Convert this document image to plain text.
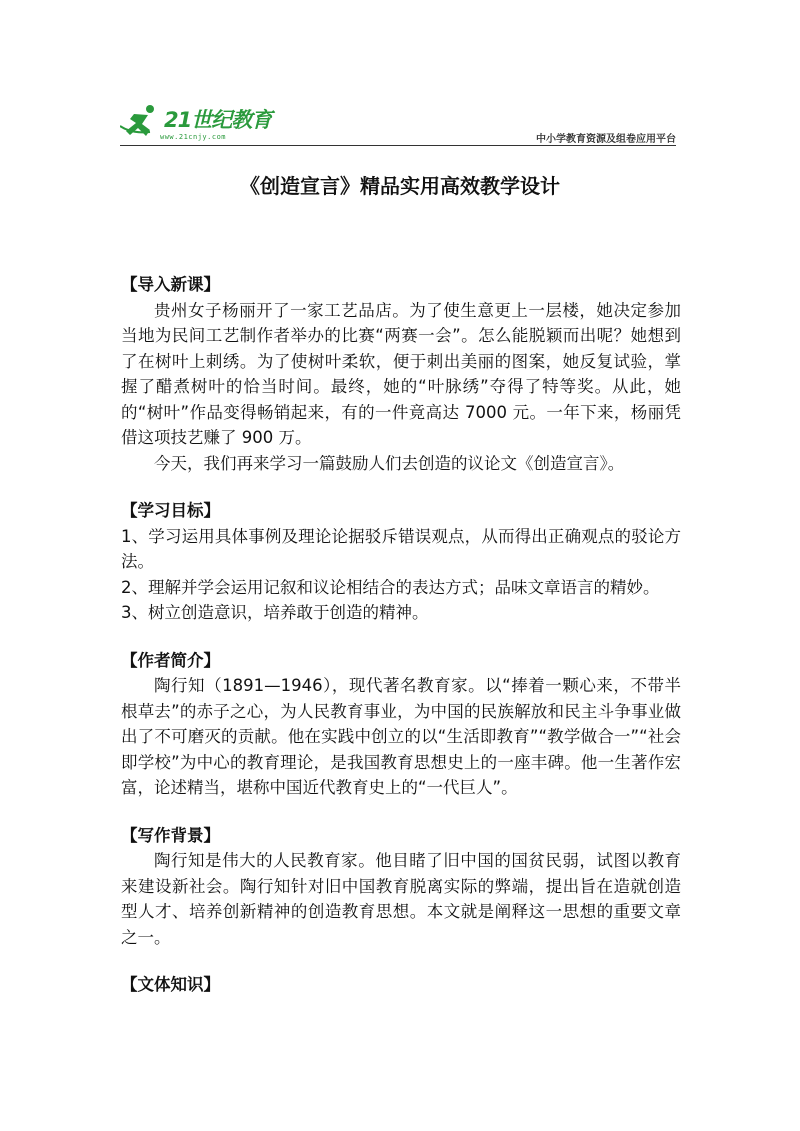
21世纪教育
www.21cnjy.com	中小学教育资源及组卷应用平台
《创造宣言》精品实用高效教学设计

【导入新课】

贵州女子杨丽开了一家工艺品店。为了使生意更上一层楼，她决定参加当地为民间工艺制作者举办的比赛“两赛一会”。怎么能脱颖而出呢？她想到了在树叶上刺绣。为了使树叶柔软，便于刺出美丽的图案，她反复试验，掌握了醋煮树叶的恰当时间。最终，她的“叶脉绣”夺得了特等奖。从此，她的“树叶”作品变得畅销起来，有的一件竟高达 7000 元。一年下来，杨丽凭借这项技艺赚了 900 万。

今天，我们再来学习一篇鼓励人们去创造的议论文《创造宣言》。

【学习目标】

1、学习运用具体事例及理论论据驳斥错误观点，从而得出正确观点的驳论方法。

2、理解并学会运用记叙和议论相结合的表达方式；品味文章语言的精妙。

3、树立创造意识，培养敢于创造的精神。

【作者简介】

陶行知（1891—1946），现代著名教育家。以“捧着一颗心来，不带半根草去”的赤子之心，为人民教育事业，为中国的民族解放和民主斗争事业做出了不可磨灭的贡献。他在实践中创立的以“生活即教育”“教学做合一”“社会即学校”为中心的教育理论，是我国教育思想史上的一座丰碑。他一生著作宏富，论述精当，堪称中国近代教育史上的“一代巨人”。

【写作背景】

陶行知是伟大的人民教育家。他目睹了旧中国的国贫民弱，试图以教育来建设新社会。陶行知针对旧中国教育脱离实际的弊端，提出旨在造就创造型人才、培养创新精神的创造教育思想。本文就是阐释这一思想的重要文章之一。

【文体知识】
